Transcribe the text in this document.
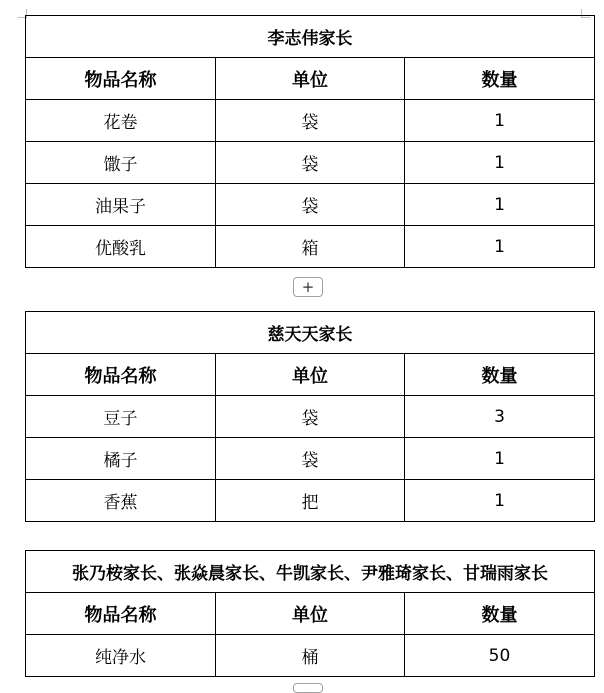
李志伟家长		
物品名称	单位	数量
花卷	袋	1
馓子	袋	1
油果子	袋	1
优酸乳	箱	1
+
慈天天家长		
物品名称	单位	数量
豆子	袋	3
橘子	袋	1
香蕉	把	1
张乃桉家长、张焱晨家长、牛凯家长、尹雅琦家长、甘瑞雨家长		
物品名称	单位	数量
纯净水	桶	50
